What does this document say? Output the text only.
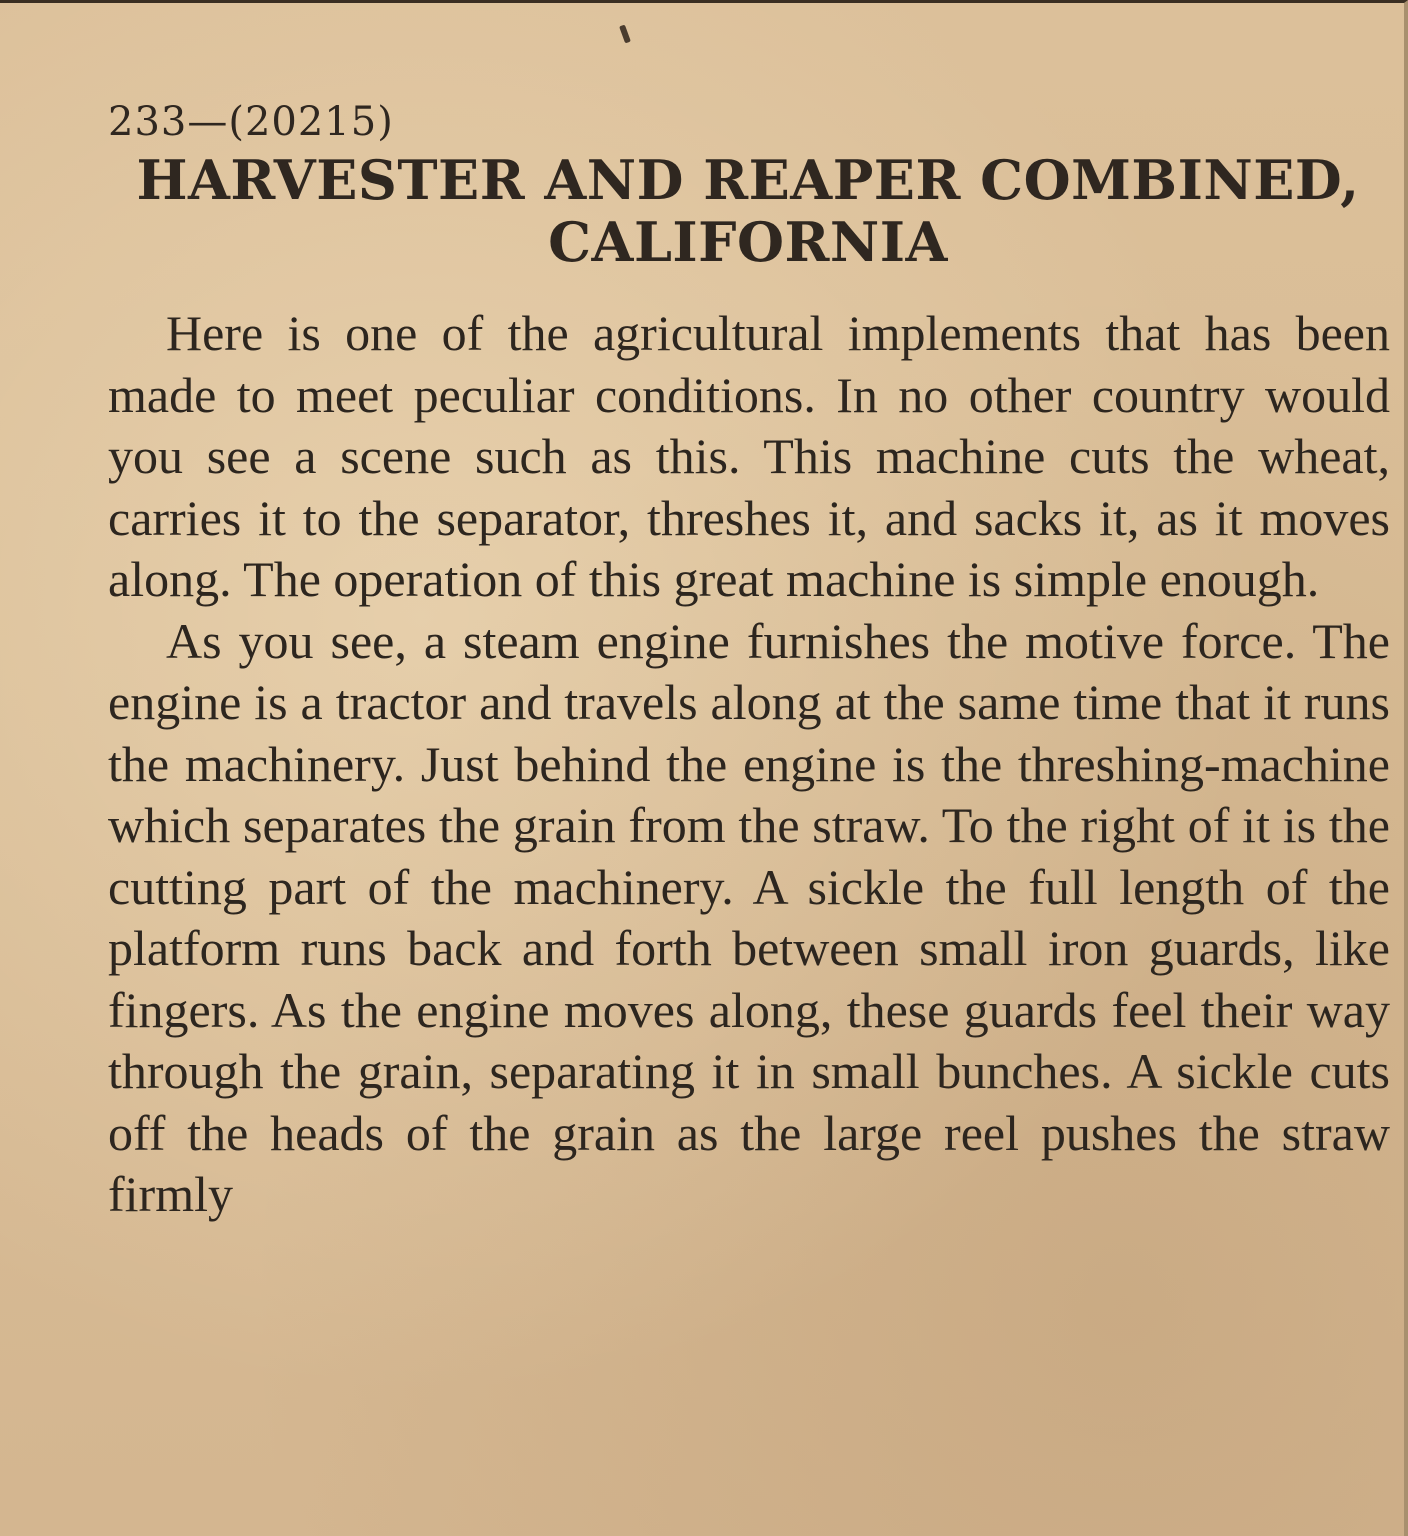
233—(20215)
HARVESTER AND REAPER COMBINED,
CALIFORNIA

Here is one of the agricultural implements that has been made to meet peculiar conditions. In no other country would you see a scene such as this. This machine cuts the wheat, carries it to the separator, threshes it, and sacks it, as it moves along. The operation of this great machine is simple enough.

As you see, a steam engine furnishes the motive force. The engine is a tractor and travels along at the same time that it runs the machinery. Just behind the engine is the threshing-machine which separates the grain from the straw. To the right of it is the cutting part of the machinery. A sickle the full length of the platform runs back and forth between small iron guards, like fingers. As the engine moves along, these guards feel their way through the grain, separating it in small bunches. A sickle cuts off the heads of the grain as the large reel pushes the straw firmly
